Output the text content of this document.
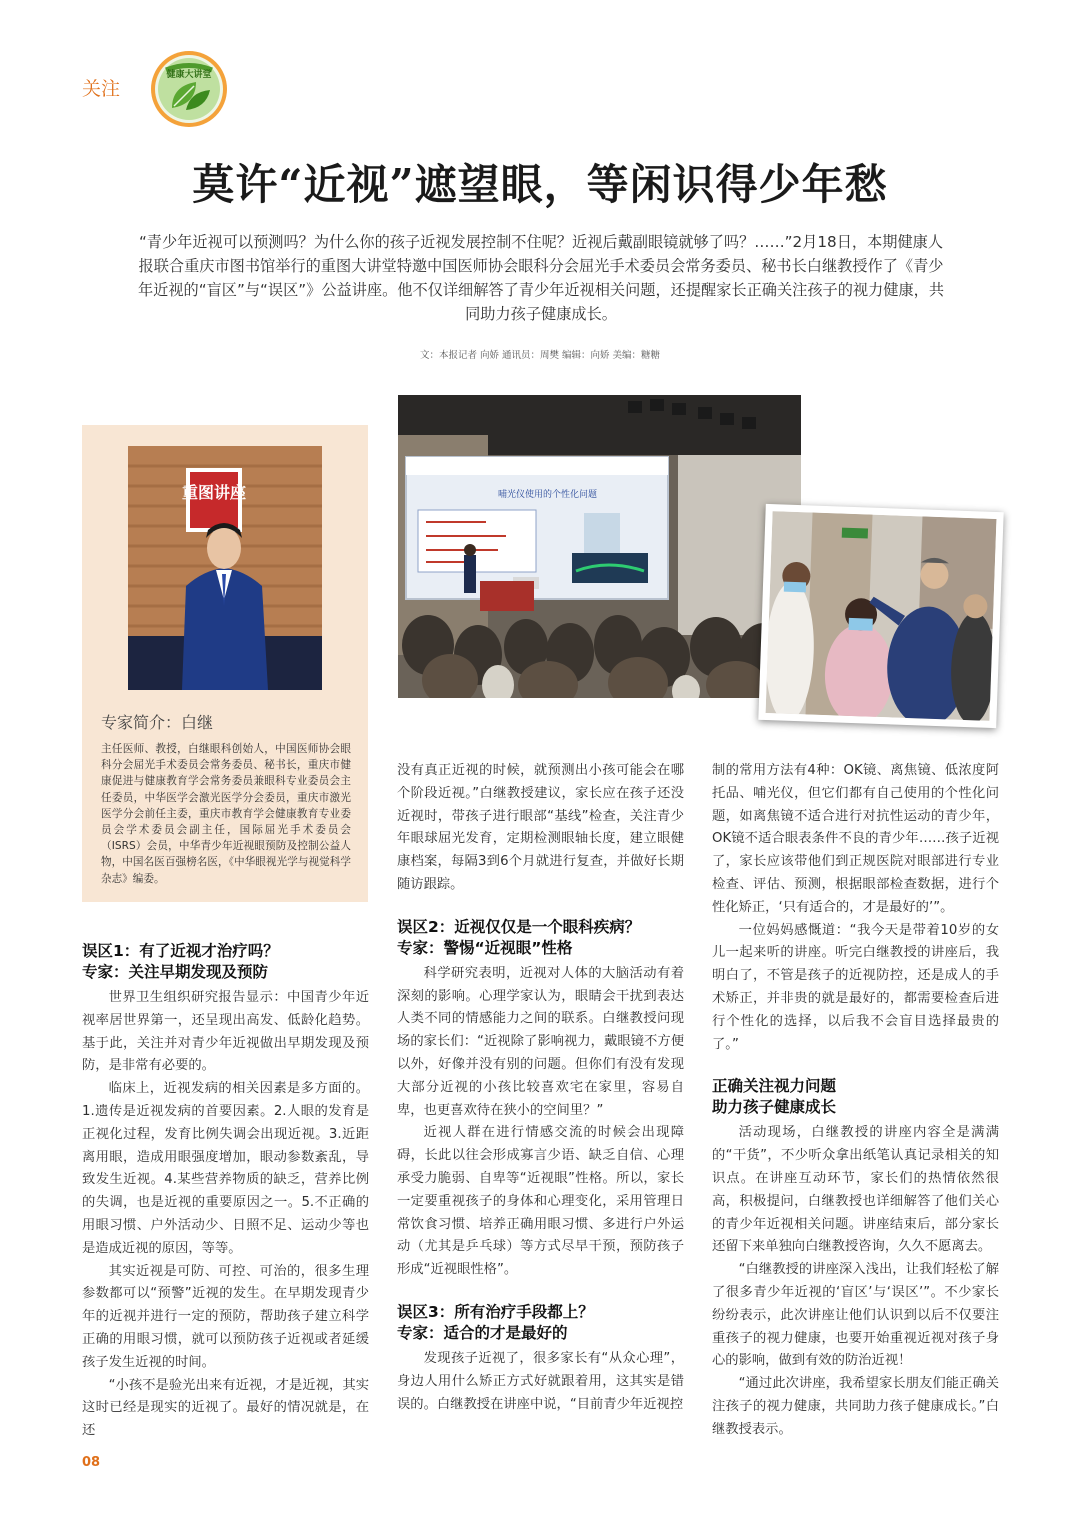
关注
健康大讲堂
莫许“近视”遮望眼，等闲识得少年愁

“青少年近视可以预测吗？为什么你的孩子近视发展控制不住呢？近视后戴副眼镜就够了吗？……”2月18日，本期健康人报联合重庆市图书馆举行的重图大讲堂特邀中国医师协会眼科分会屈光手术委员会常务委员、秘书长白继教授作了《青少年近视的“盲区”与“误区”》公益讲座。他不仅详细解答了青少年近视相关问题，还提醒家长正确关注孩子的视力健康，共同助力孩子健康成长。

文：本报记者 向娇 通讯员：周樊 编辑：向娇 美编：糖糖
哺光仪使用的个性化问题
重图讲座
专家简介：白继

主任医师、教授，白继眼科创始人，中国医师协会眼科分会屈光手术委员会常务委员、秘书长，重庆市健康促进与健康教育学会常务委员兼眼科专业委员会主任委员，中华医学会激光医学分会委员，重庆市激光医学分会前任主委，重庆市教育学会健康教育专业委员会学术委员会副主任，国际屈光手术委员会（ISRS）会员，中华青少年近视眼预防及控制公益人物，中国名医百强榜名医，《中华眼视光学与视觉科学杂志》编委。

误区1：有了近视才治疗吗？
专家：关注早期发现及预防

世界卫生组织研究报告显示：中国青少年近视率居世界第一，还呈现出高发、低龄化趋势。基于此，关注并对青少年近视做出早期发现及预防，是非常有必要的。

临床上，近视发病的相关因素是多方面的。1.遗传是近视发病的首要因素。2.人眼的发育是正视化过程，发育比例失调会出现近视。3.近距离用眼，造成用眼强度增加，眼动参数紊乱，导致发生近视。4.某些营养物质的缺乏，营养比例的失调，也是近视的重要原因之一。5.不正确的用眼习惯、户外活动少、日照不足、运动少等也是造成近视的原因，等等。

其实近视是可防、可控、可治的，很多生理参数都可以“预警”近视的发生。在早期发现青少年的近视并进行一定的预防，帮助孩子建立科学正确的用眼习惯，就可以预防孩子近视或者延缓孩子发生近视的时间。

“小孩不是验光出来有近视，才是近视，其实这时已经是现实的近视了。最好的情况就是，在还

没有真正近视的时候，就预测出小孩可能会在哪个阶段近视。”白继教授建议，家长应在孩子还没近视时，带孩子进行眼部“基线”检查，关注青少年眼球屈光发育，定期检测眼轴长度，建立眼健康档案，每隔3到6个月就进行复查，并做好长期随访跟踪。

误区2：近视仅仅是一个眼科疾病？
专家：警惕“近视眼”性格

科学研究表明，近视对人体的大脑活动有着深刻的影响。心理学家认为，眼睛会干扰到表达人类不同的情感能力之间的联系。白继教授问现场的家长们：“近视除了影响视力，戴眼镜不方便以外，好像并没有别的问题。但你们有没有发现大部分近视的小孩比较喜欢宅在家里，容易自卑，也更喜欢待在狭小的空间里？”

近视人群在进行情感交流的时候会出现障碍，长此以往会形成寡言少语、缺乏自信、心理承受力脆弱、自卑等“近视眼”性格。所以，家长一定要重视孩子的身体和心理变化，采用管理日常饮食习惯、培养正确用眼习惯、多进行户外运动（尤其是乒乓球）等方式尽早干预，预防孩子形成“近视眼性格”。

误区3：所有治疗手段都上？
专家：适合的才是最好的

发现孩子近视了，很多家长有“从众心理”，身边人用什么矫正方式好就跟着用，这其实是错误的。白继教授在讲座中说，“目前青少年近视控

制的常用方法有4种：OK镜、离焦镜、低浓度阿托品、哺光仪，但它们都有自己使用的个性化问题，如离焦镜不适合进行对抗性运动的青少年，OK镜不适合眼表条件不良的青少年……孩子近视了，家长应该带他们到正规医院对眼部进行专业检查、评估、预测，根据眼部检查数据，进行个性化矫正，‘只有适合的，才是最好的’”。

一位妈妈感慨道：“我今天是带着10岁的女儿一起来听的讲座。听完白继教授的讲座后，我明白了，不管是孩子的近视防控，还是成人的手术矫正，并非贵的就是最好的，都需要检查后进行个性化的选择，以后我不会盲目选择最贵的了。”

正确关注视力问题
助力孩子健康成长

活动现场，白继教授的讲座内容全是满满的“干货”，不少听众拿出纸笔认真记录相关的知识点。在讲座互动环节，家长们的热情依然很高，积极提问，白继教授也详细解答了他们关心的青少年近视相关问题。讲座结束后，部分家长还留下来单独向白继教授咨询，久久不愿离去。

“白继教授的讲座深入浅出，让我们轻松了解了很多青少年近视的‘盲区’与‘误区’”。不少家长纷纷表示，此次讲座让他们认识到以后不仅要注重孩子的视力健康，也要开始重视近视对孩子身心的影响，做到有效的防治近视！

“通过此次讲座，我希望家长朋友们能正确关注孩子的视力健康，共同助力孩子健康成长。”白继教授表示。

08
